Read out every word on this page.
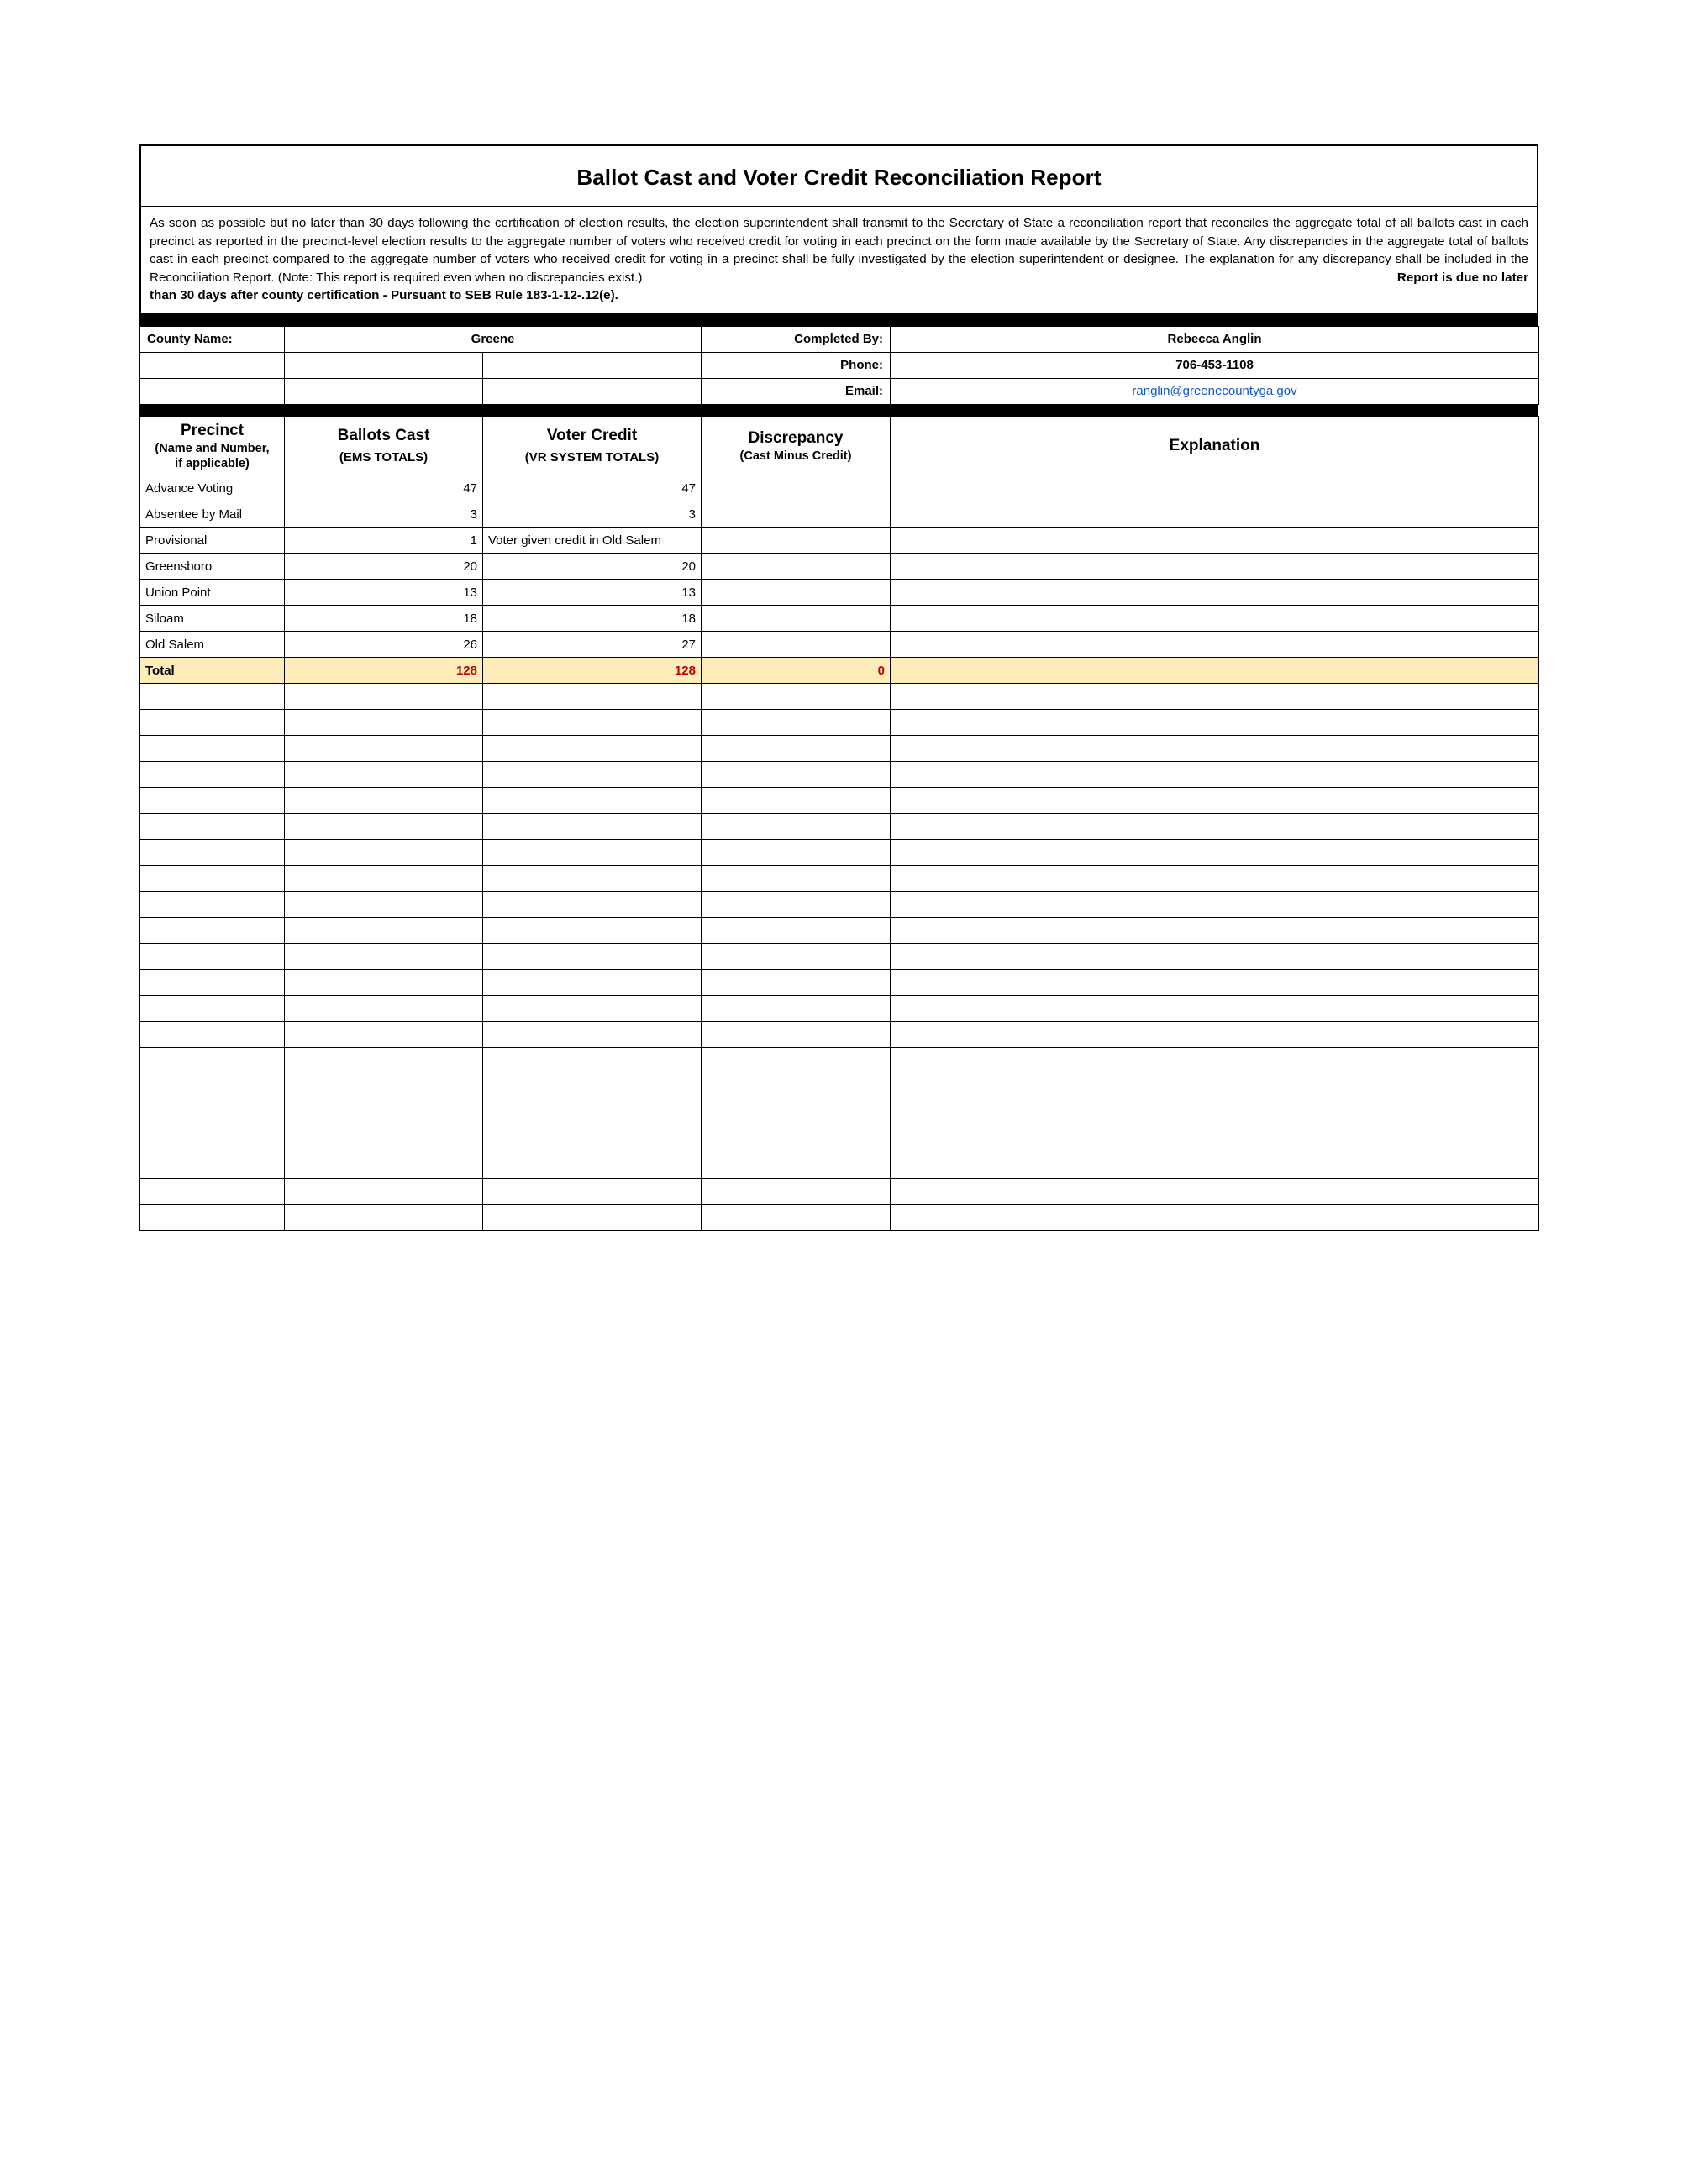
Ballot Cast and Voter Credit Reconciliation Report

As soon as possible but no later than 30 days following the certification of election results, the election superintendent shall transmit to the Secretary of State a reconciliation report that reconciles the aggregate total of all ballots cast in each precinct as reported in the precinct-level election results to the aggregate number of voters who received credit for voting in each precinct on the form made available by the Secretary of State. Any discrepancies in the aggregate total of ballots cast in each precinct compared to the aggregate number of voters who received credit for voting in a precinct shall be fully investigated by the election superintendent or designee. The explanation for any discrepancy shall be included in the Reconciliation Report. (Note: This report is required even when no discrepancies exist.)	Report is due no later

than 30 days after county certification - Pursuant to SEB Rule 183-1-12-.12(e).

County Name:	Greene		Completed By:	Rebecca Anglin
			Phone:	706-453-1108
			Email:	ranglin@greenecountyga.gov
Precinct
(Name and Number,
if applicable)	Ballots Cast
(EMS TOTALS)	Voter Credit
(VR SYSTEM TOTALS)	Discrepancy
(Cast Minus Credit)	Explanation

Advance Voting	47	47		
Absentee by Mail	3	3		
Provisional	1	Voter given credit in Old Salem		
Greensboro	20	20		
Union Point	13	13		
Siloam	18	18		
Old Salem	26	27		
Total	128	128	0	
